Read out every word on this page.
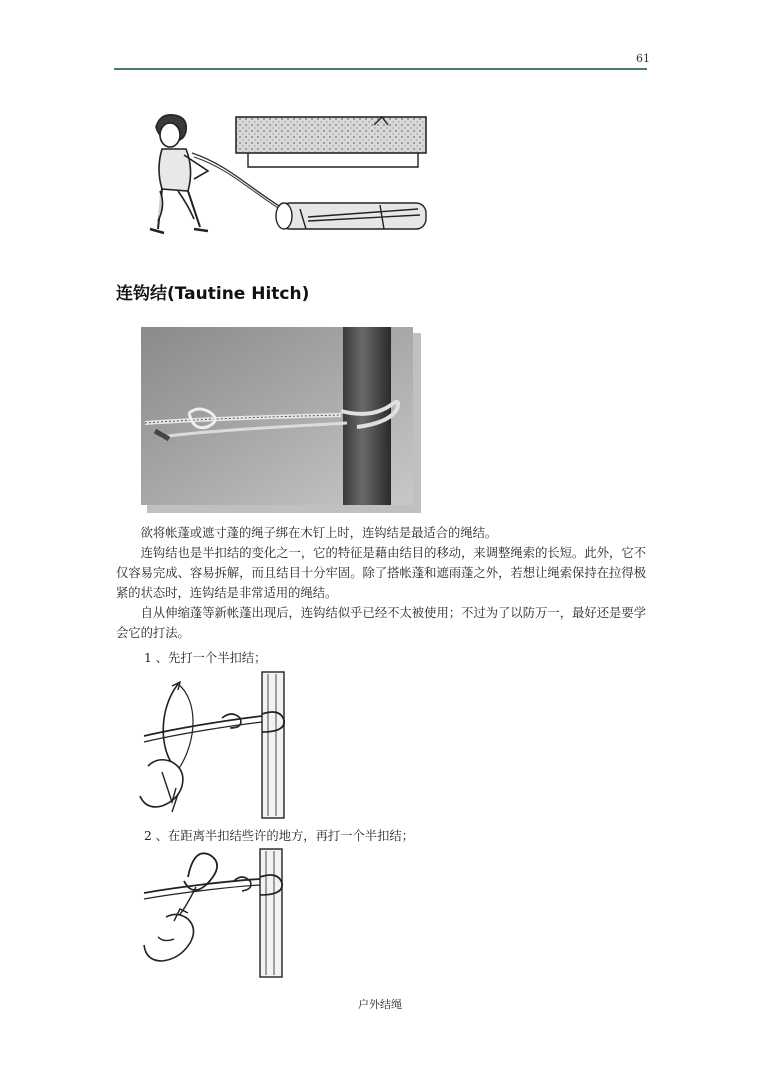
61
连钩结(Tautine Hitch)

欲将帐蓬或遮寸蓬的绳子绑在木钉上时，连钩结是最适合的绳结。

连钩结也是半扣结的变化之一，它的特征是藉由结目的移动，来调整绳索的长短。此外，它不仅容易完成、容易拆解，而且结目十分牢固。除了搭帐蓬和遮雨蓬之外，若想让绳索保持在拉得极紧的状态时，连钩结是非常适用的绳结。

自从伸缩蓬等新帐蓬出现后，连钩结似乎已经不太被使用；不过为了以防万一，最好还是要学会它的打法。

1 、先打一个半扣结；
2 、在距离半扣结些许的地方，再打一个半扣结；
户外结绳
